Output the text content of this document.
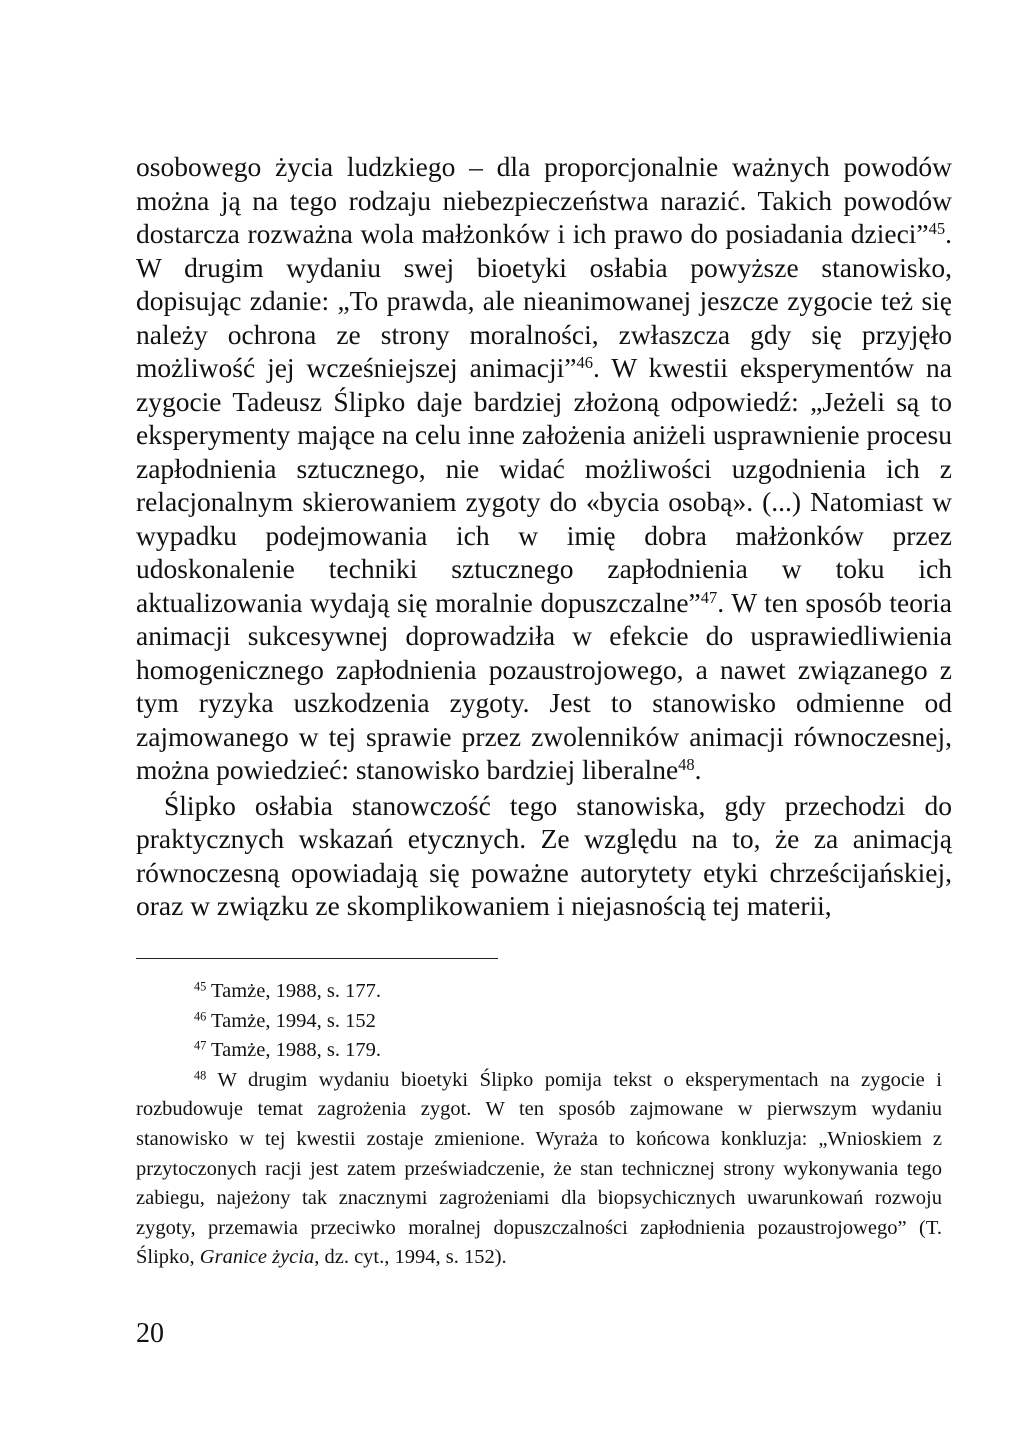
osobowego życia ludzkiego – dla proporcjonalnie ważnych powodów można ją na tego rodzaju niebezpieczeństwa narazić. Takich powodów dostarcza rozważna wola małżonków i ich prawo do posiadania dzieci”$^{45}$. W drugim wydaniu swej bioetyki osłabia powyższe stanowisko, dopisując zdanie: „To prawda, ale nieanimowanej jeszcze zygocie też się należy ochrona ze strony moralności, zwłaszcza gdy się przyjęło możliwość jej wcześniejszej animacji”$^{46}$. W kwestii eksperymentów na zygocie Tadeusz Ślipko daje bardziej złożoną odpowiedź: „Jeżeli są to eksperymenty mające na celu inne założenia aniżeli usprawnienie procesu zapłodnienia sztucznego, nie widać możliwości uzgodnienia ich z relacjonalnym skierowaniem zygoty do «bycia osobą». (...) Natomiast w wypadku podejmowania ich w imię dobra małżonków przez udoskonalenie techniki sztucznego zapłodnienia w toku ich aktualizowania wydają się moralnie dopuszczalne”$^{47}$. W ten sposób teoria animacji sukcesywnej doprowadziła w efekcie do usprawiedliwienia homogenicznego zapłodnienia pozaustrojowego, a nawet związanego z tym ryzyka uszkodzenia zygoty. Jest to stanowisko odmienne od zajmowanego w tej sprawie przez zwolenników animacji równoczesnej, można powiedzieć: stanowisko bardziej liberalne$^{48}$.

Ślipko osłabia stanowczość tego stanowiska, gdy przechodzi do praktycznych wskazań etycznych. Ze względu na to, że za animacją równoczesną opowiadają się poważne autorytety etyki chrześcijańskiej, oraz w związku ze skomplikowaniem i niejasnością tej materii,

$^{45}$ Tamże, 1988, s. 177.

$^{46}$ Tamże, 1994, s. 152

$^{47}$ Tamże, 1988, s. 179.

$^{48}$ W drugim wydaniu bioetyki Ślipko pomija tekst o eksperymentach na zygocie i rozbudowuje temat zagrożenia zygot. W ten sposób zajmowane w pierwszym wydaniu stanowisko w tej kwestii zostaje zmienione. Wyraża to końcowa konkluzja: „Wnioskiem z przytoczonych racji jest zatem przeświadczenie, że stan technicznej strony wykonywania tego zabiegu, najeżony tak znacznymi zagrożeniami dla biopsychicznych uwarunkowań rozwoju zygoty, przemawia przeciwko moralnej dopuszczalności zapłodnienia pozaustrojowego” (T. Ślipko, Granice życia, dz. cyt., 1994, s. 152).

20
